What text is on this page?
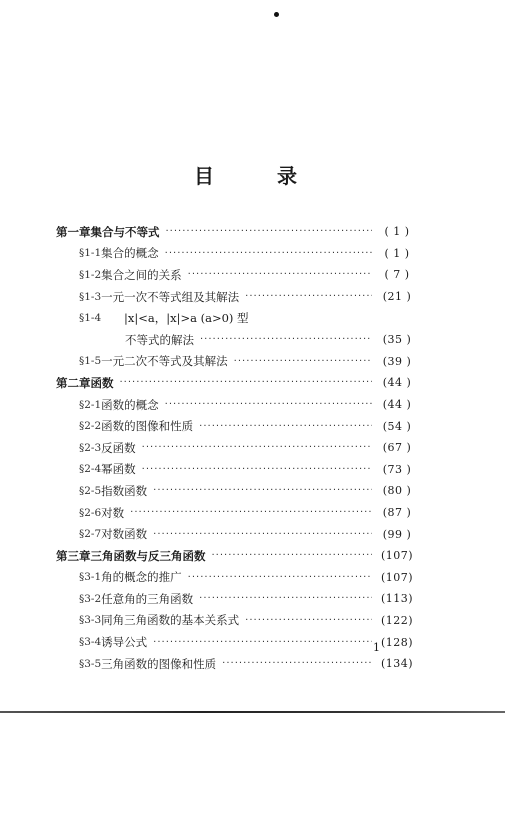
目 录
第一章 集合与不等式 ·····	( 1 )
§1-1 集合的概念 ·····	( 1 )
§1-2 集合之间的关系 ·····	( 7 )
§1-3 一元一次不等式组及其解法 ·····	(21 )
§1-4	|x|<a，|x|>a (a>0) 型
不等式的解法 ·····	(35 )
§1-5 一元二次不等式及其解法 ·····	(39 )
第二章 函数 ·····	(44 )
§2-1 函数的概念 ·····	(44 )
§2-2 函数的图像和性质 ·····	(54 )
§2-3 反函数 ·····	(67 )
§2-4 幂函数 ·····	(73 )
§2-5 指数函数 ·····	(80 )
§2-6 对数 ·····	(87 )
§2-7 对数函数 ·····	(99 )
第三章 三角函数与反三角函数 ·····	(107)
§3-1 角的概念的推广 ·····	(107)
§3-2 任意角的三角函数 ·····	(113)
§3-3 同角三角函数的基本关系式 ·····	(122)
§3-4 诱导公式 ·····	(128)
§3-5 三角函数的图像和性质 ·····	(134)
1
